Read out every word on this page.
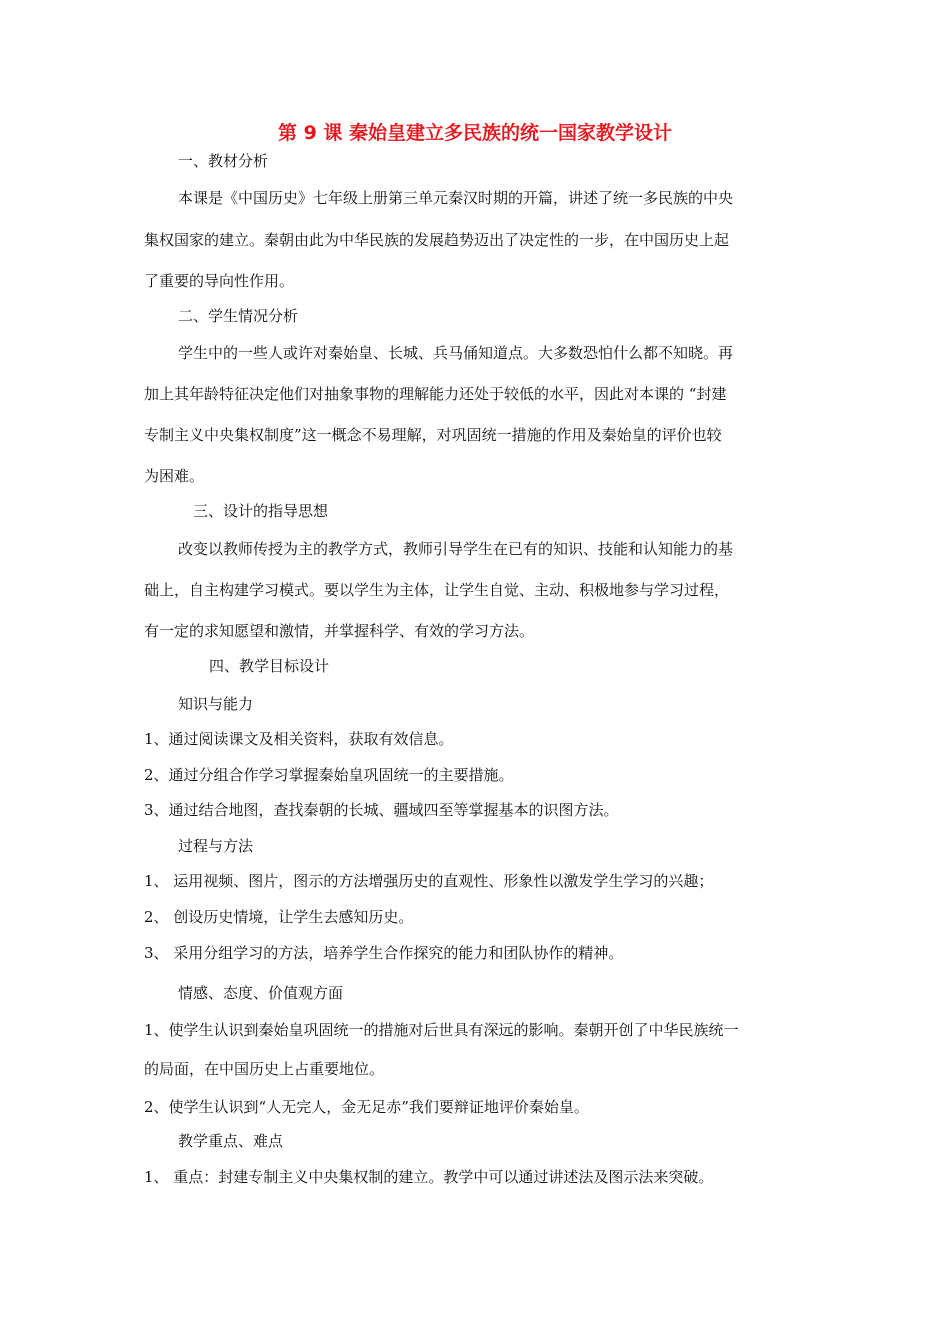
第 9 课 秦始皇建立多民族的统一国家教学设计
一、教材分析
本课是《中国历史》七年级上册第三单元秦汉时期的开篇，讲述了统一多民族的中央
集权国家的建立。秦朝由此为中华民族的发展趋势迈出了决定性的一步，在中国历史上起
了重要的导向性作用。
二、学生情况分析
学生中的一些人或许对秦始皇、长城、兵马俑知道点。大多数恐怕什么都不知晓。再
加上其年龄特征决定他们对抽象事物的理解能力还处于较低的水平，因此对本课的 “封建
专制主义中央集权制度”这一概念不易理解，对巩固统一措施的作用及秦始皇的评价也较
为困难。
三、设计的指导思想
改变以教师传授为主的教学方式，教师引导学生在已有的知识、技能和认知能力的基
础上，自主构建学习模式。要以学生为主体，让学生自觉、主动、积极地参与学习过程，
有一定的求知愿望和激情，并掌握科学、有效的学习方法。
四、教学目标设计
知识与能力
1、通过阅读课文及相关资料，获取有效信息。
2、通过分组合作学习掌握秦始皇巩固统一的主要措施。
3、通过结合地图，查找秦朝的长城、疆域四至等掌握基本的识图方法。
过程与方法
1、 运用视频、图片，图示的方法增强历史的直观性、形象性以激发学生学习的兴趣；
2、 创设历史情境，让学生去感知历史。
3、 采用分组学习的方法，培养学生合作探究的能力和团队协作的精神。
情感、态度、价值观方面
1、使学生认识到秦始皇巩固统一的措施对后世具有深远的影响。秦朝开创了中华民族统一
的局面，在中国历史上占重要地位。
2、使学生认识到“人无完人，金无足赤”我们要辩证地评价秦始皇。
教学重点、难点
1、 重点：封建专制主义中央集权制的建立。教学中可以通过讲述法及图示法来突破。
